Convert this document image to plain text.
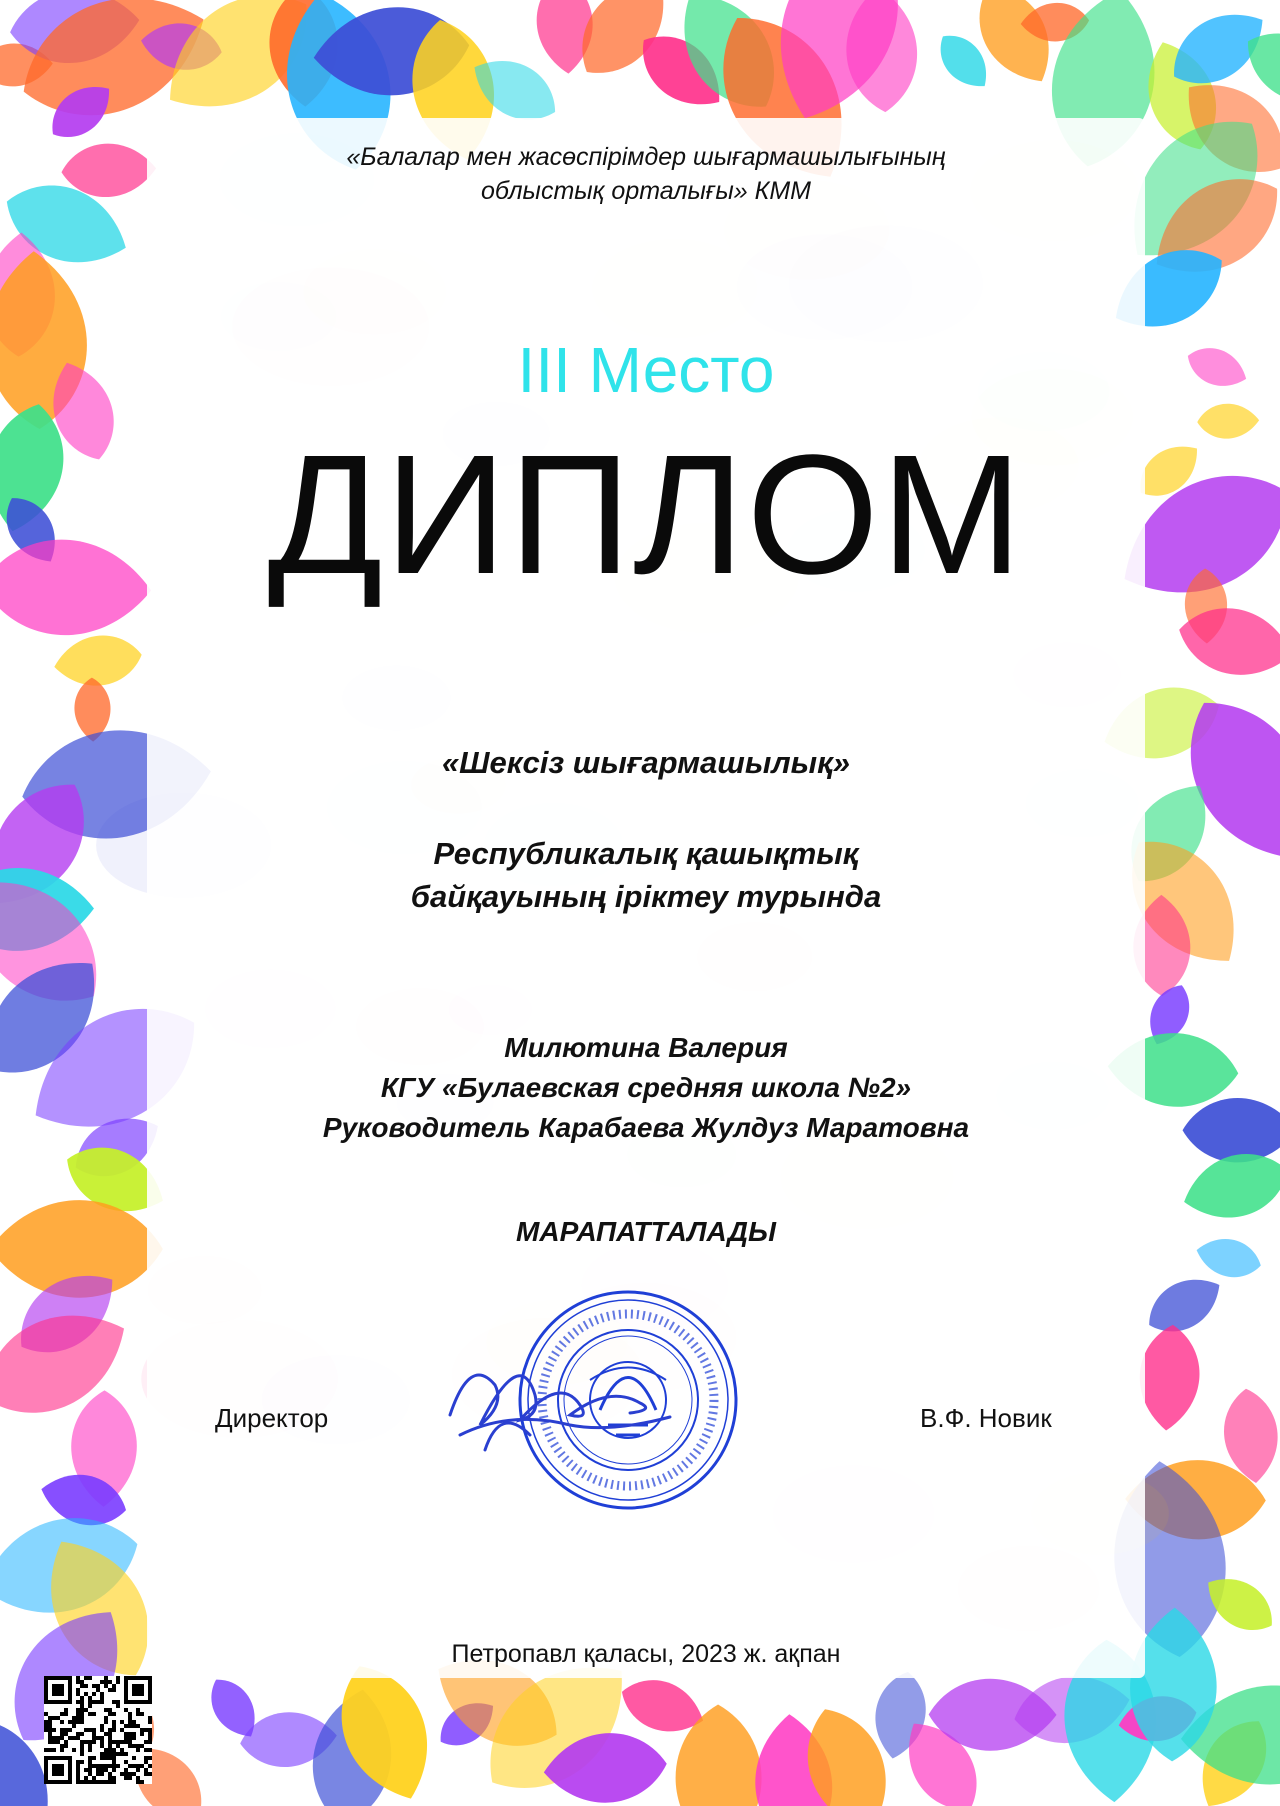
«Балалар мен жасөспірімдер шығармашылығының
облыстық орталығы» КММ
III Место
ДИПЛОМ
«Шексіз шығармашылық»
Республикалық қашықтық
байқауының іріктеу турында
Милютина Валерия
КГУ «Булаевская средняя школа №2»
Руководитель Карабаева Жулдуз Маратовна
МАРАПАТТАЛАДЫ
Директор	В.Ф. Новик
Петропавл қаласы, 2023 ж. ақпан
